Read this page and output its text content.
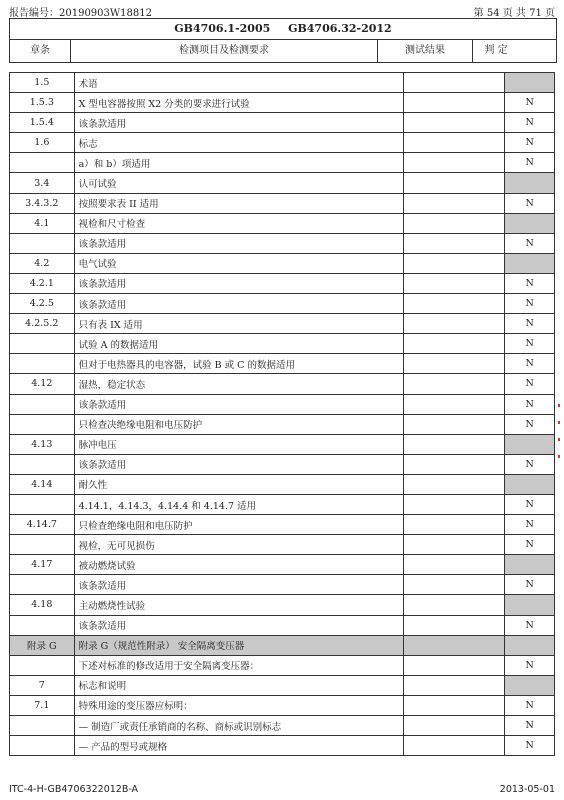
报告编号：20190903W18812	第 54 页 共 71 页
GB4706.1-2005 GB4706.32-2012
章条	检测项目及检测要求	测试结果	判 定
1.5	术语		
1.5.3	X 型电容器按照 X2 分类的要求进行试验		N
1.5.4	该条款适用		N
1.6	标志		N
	a）和 b）项适用		N
3.4	认可试验		
3.4.3.2	按照要求表 II 适用		N
4.1	视检和尺寸检查		
	该条款适用		N
4.2	电气试验		
4.2.1	该条款适用		N
4.2.5	该条款适用		N
4.2.5.2	只有表 IX 适用		N
	试验 A 的数据适用		N
	但对于电热器具的电容器，试验 B 或 C 的数据适用		N
4.12	湿热，稳定状态		N
	该条款适用		N
	只检查决绝缘电阻和电压防护		N
4.13	脉冲电压		
	该条款适用		N
4.14	耐久性		
	4.14.1，4.14.3，4.14.4 和 4.14.7 适用		N
4.14.7	只检查绝缘电阻和电压防护		N
	视检，无可见损伤		N
4.17	被动燃烧试验		
	该条款适用		N
4.18	主动燃烧性试验		
	该条款适用		N
附录 G	附录 G（规范性附录） 安全隔离变压器		
	下述对标准的修改适用于安全隔离变压器：		N
7	标志和说明		
7.1	特殊用途的变压器应标明：		N
	— 制造厂或责任承销商的名称、商标或识别标志		N
	— 产品的型号或规格		N
ITC-4-H-GB4706322012B-A	2013-05-01
